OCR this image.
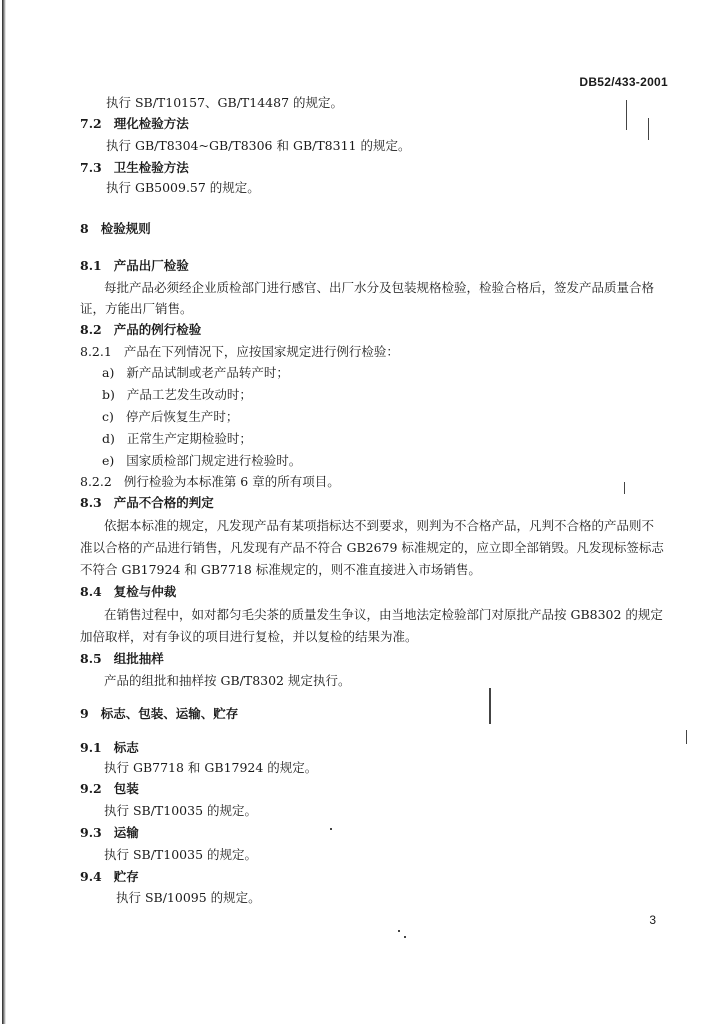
DB52/433-2001
执行 SB/T10157、GB/T14487 的规定。
7.2 理化检验方法
执行 GB/T8304~GB/T8306 和 GB/T8311 的规定。
7.3 卫生检验方法
执行 GB5009.57 的规定。
8 检验规则
8.1 产品出厂检验
每批产品必须经企业质检部门进行感官、出厂水分及包装规格检验，检验合格后，签发产品质量合格
证，方能出厂销售。
8.2 产品的例行检验
8.2.1 产品在下列情况下，应按国家规定进行例行检验：
a) 新产品试制或老产品转产时；
b) 产品工艺发生改动时；
c) 停产后恢复生产时；
d) 正常生产定期检验时；
e) 国家质检部门规定进行检验时。
8.2.2 例行检验为本标准第 6 章的所有项目。
8.3 产品不合格的判定
依据本标准的规定，凡发现产品有某项指标达不到要求，则判为不合格产品，凡判不合格的产品则不
准以合格的产品进行销售，凡发现有产品不符合 GB2679 标准规定的，应立即全部销毁。凡发现标签标志
不符合 GB17924 和 GB7718 标准规定的，则不准直接进入市场销售。
8.4 复检与仲裁
在销售过程中，如对都匀毛尖茶的质量发生争议，由当地法定检验部门对原批产品按 GB8302 的规定
加倍取样，对有争议的项目进行复检，并以复检的结果为准。
8.5 组批抽样
产品的组批和抽样按 GB/T8302 规定执行。
9 标志、包装、运输、贮存
9.1 标志
执行 GB7718 和 GB17924 的规定。
9.2 包装
执行 SB/T10035 的规定。
9.3 运输
执行 SB/T10035 的规定。
9.4 贮存
执行 SB/10095 的规定。
3
